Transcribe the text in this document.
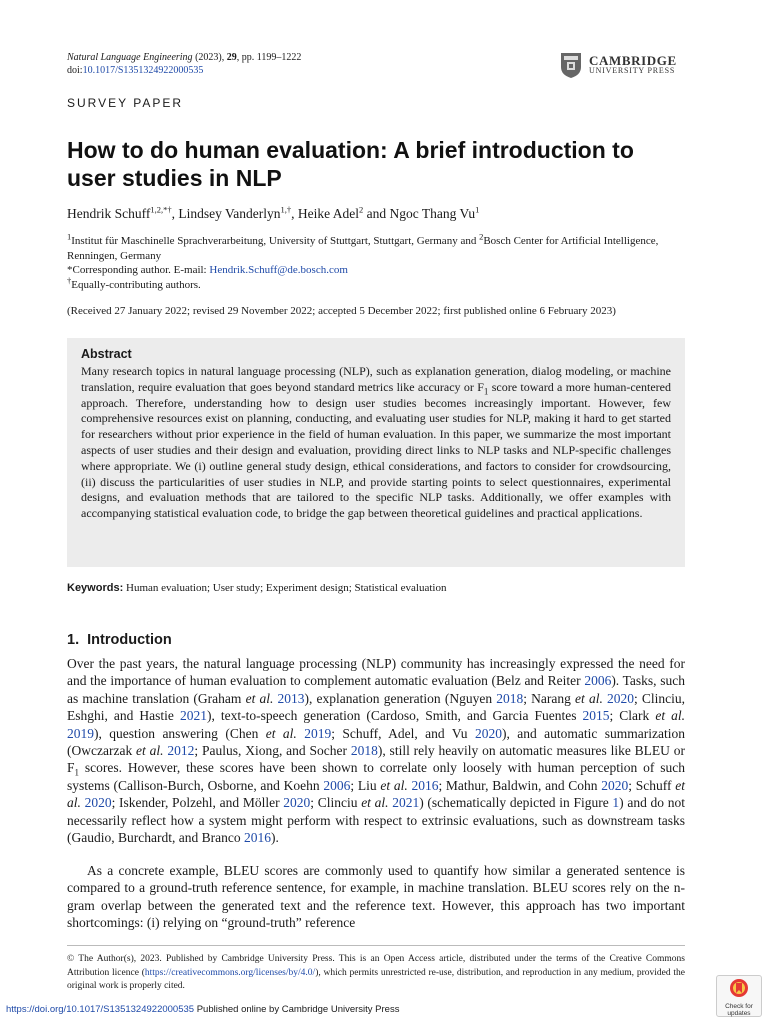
Natural Language Engineering (2023), 29, pp. 1199–1222
doi:10.1017/S1351324922000535
CAMBRIDGE
UNIVERSITY PRESS
SURVEY PAPER
How to do human evaluation: A brief introduction to user studies in NLP
Hendrik Schuff$^{1,2,*\dagger}$, Lindsey Vanderlyn$^{1,\dagger}$, Heike Adel$^2$ and Ngoc Thang Vu$^1$
$^1$Institut für Maschinelle Sprachverarbeitung, University of Stuttgart, Stuttgart, Germany and $^2$Bosch Center for Artificial Intelligence, Renningen, Germany
*Corresponding author. E-mail: Hendrik.Schuff@de.bosch.com
†Equally-contributing authors.
(Received 27 January 2022; revised 29 November 2022; accepted 5 December 2022; first published online 6 February 2023)
Abstract
Many research topics in natural language processing (NLP), such as explanation generation, dialog modeling, or machine translation, require evaluation that goes beyond standard metrics like accuracy or $F_1$ score toward a more human-centered approach. Therefore, understanding how to design user studies becomes increasingly important. However, few comprehensive resources exist on planning, conducting, and evaluating user studies for NLP, making it hard to get started for researchers without prior experience in the field of human evaluation. In this paper, we summarize the most important aspects of user studies and their design and evaluation, providing direct links to NLP tasks and NLP-specific challenges where appropriate. We (i) outline general study design, ethical considerations, and factors to consider for crowdsourcing, (ii) discuss the particularities of user studies in NLP, and provide starting points to select questionnaires, experimental designs, and evaluation methods that are tailored to the specific NLP tasks. Additionally, we offer examples with accompanying statistical evaluation code, to bridge the gap between theoretical guidelines and practical applications.
Keywords: Human evaluation; User study; Experiment design; Statistical evaluation
1. Introduction
Over the past years, the natural language processing (NLP) community has increasingly expressed the need for and the importance of human evaluation to complement automatic evaluation (Belz and Reiter 2006). Tasks, such as machine translation (Graham et al. 2013), explanation generation (Nguyen 2018; Narang et al. 2020; Clinciu, Eshghi, and Hastie 2021), text-to-speech generation (Cardoso, Smith, and Garcia Fuentes 2015; Clark et al. 2019), question answering (Chen et al. 2019; Schuff, Adel, and Vu 2020), and automatic summarization (Owczarzak et al. 2012; Paulus, Xiong, and Socher 2018), still rely heavily on automatic measures like BLEU or $F_1$ scores. However, these scores have been shown to correlate only loosely with human perception of such systems (Callison-Burch, Osborne, and Koehn 2006; Liu et al. 2016; Mathur, Baldwin, and Cohn 2020; Schuff et al. 2020; Iskender, Polzehl, and Möller 2020; Clinciu et al. 2021) (schematically depicted in Figure 1) and do not necessarily reflect how a system might perform with respect to extrinsic evaluations, such as downstream tasks (Gaudio, Burchardt, and Branco 2016).
As a concrete example, BLEU scores are commonly used to quantify how similar a generated sentence is compared to a ground-truth reference sentence, for example, in machine translation. BLEU scores rely on the n-gram overlap between the generated text and the reference text. However, this approach has two important shortcomings: (i) relying on “ground-truth” reference
© The Author(s), 2023. Published by Cambridge University Press. This is an Open Access article, distributed under the terms of the Creative Commons Attribution licence (https://creativecommons.org/licenses/by/4.0/), which permits unrestricted re-use, distribution, and reproduction in any medium, provided the original work is properly cited.
https://doi.org/10.1017/S1351324922000535 Published online by Cambridge University Press	Check for
updates
